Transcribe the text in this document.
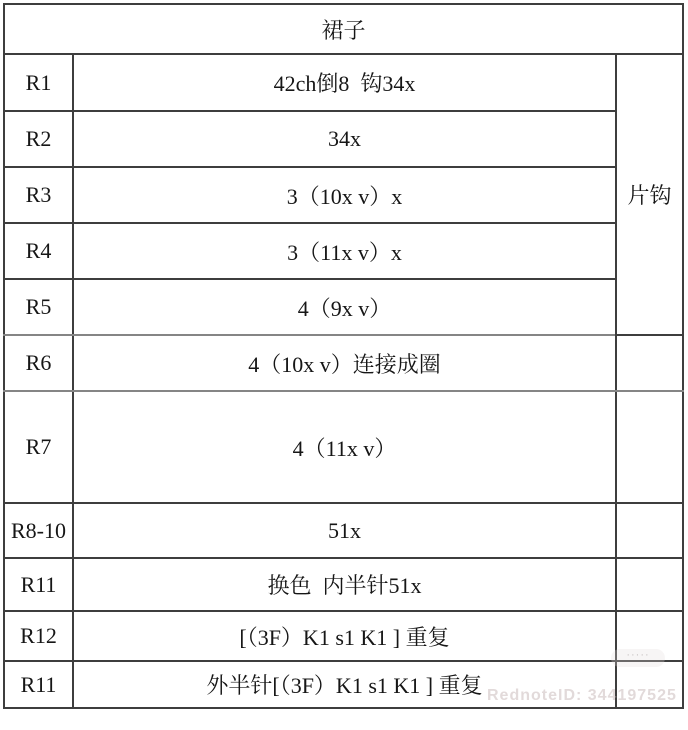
裙子		
R1	42ch倒8  钩34x	片钩
R2	34x	
R3	3（10x v）x	
R4	3（11x v）x	
R5	4（9x v）	
R6	4（10x v）连接成圈	
R7	4（11x v）	
R8-10	51x	
R11	换色  内半针51x	
R12	[（3F）K1 s1 K1 ] 重复	
R11	外半针[（3F）K1 s1 K1 ] 重复	
·····
RednoteID: 344197525
